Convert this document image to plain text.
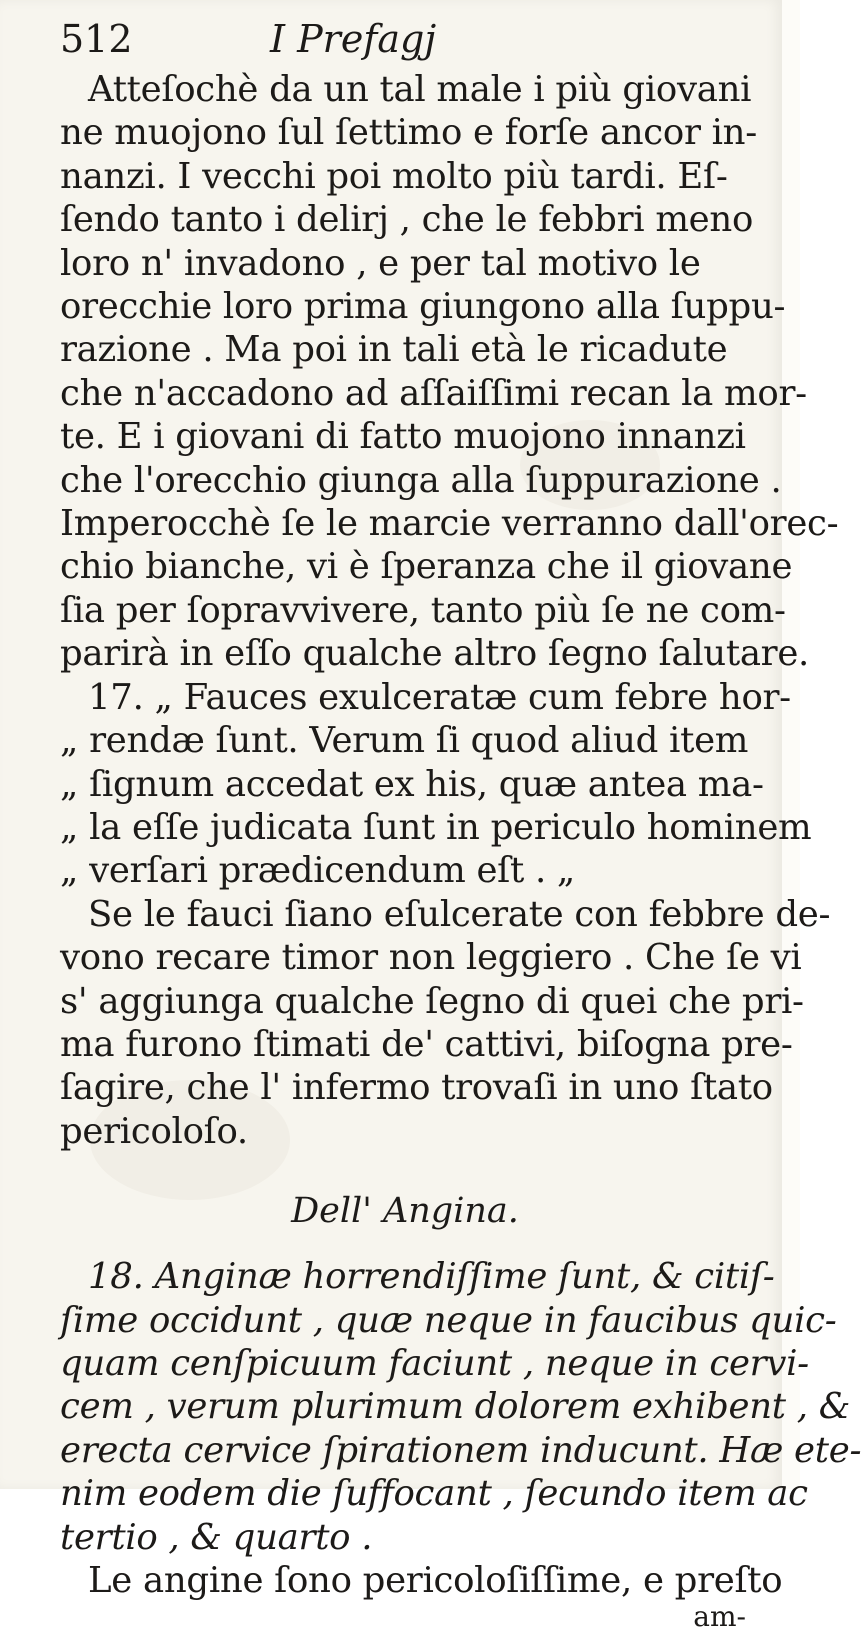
512	I Prefagj
Atteſochè da un tal male i più giovani
ne muojono ſul ſettimo e forſe ancor in-
nanzi. I vecchi poi molto più tardi. Eſ-
ſendo tanto i delirj , che le febbri meno
loro n' invadono , e per tal motivo le
orecchie loro prima giungono alla ſuppu-
razione . Ma poi in tali età le ricadute
che n'accadono ad aſſaiſſimi recan la mor-
te. E i giovani di fatto muojono innanzi
che l'orecchio giunga alla ſuppurazione .
Imperocchè ſe le marcie verranno dall'orec-
chio bianche, vi è ſperanza che il giovane
ſia per ſopravvivere, tanto più ſe ne com-
parirà in eſſo qualche altro ſegno ſalutare.
17. „ Fauces exulceratæ cum febre hor-
„ rendæ ſunt. Verum ſi quod aliud item
„ ſignum accedat ex his, quæ antea ma-
„ la eſſe judicata ſunt in periculo hominem
„ verſari prædicendum eſt . „
Se le fauci ſiano eſulcerate con febbre de-
vono recare timor non leggiero . Che ſe vi
s' aggiunga qualche ſegno di quei che pri-
ma furono ſtimati de' cattivi, biſogna pre-
ſagire, che l' infermo trovaſi in uno ſtato
pericoloſo.
Dell' Angina.
18. Anginæ horrendiſſime ſunt, & citiſ-
ſime occidunt , quæ neque in faucibus quic-
quam cenſpicuum faciunt , neque in cervi-
cem , verum plurimum dolorem exhibent , &
erecta cervice ſpirationem inducunt. Hæ ete-
nim eodem die ſuffocant , ſecundo item ac
tertio , & quarto .
Le angine ſono pericoloſiſſime, e preſto
am-
